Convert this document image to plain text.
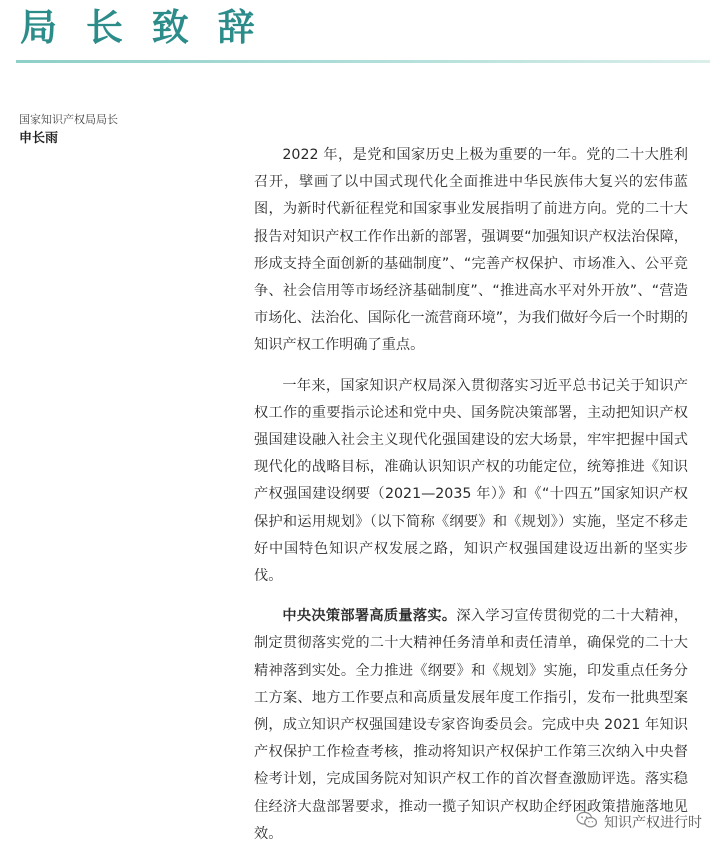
局 长 致 辞
国家知识产权局局长
申长雨

2022 年，是党和国家历史上极为重要的一年。党的二十大胜利召开，擘画了以中国式现代化全面推进中华民族伟大复兴的宏伟蓝图，为新时代新征程党和国家事业发展指明了前进方向。党的二十大报告对知识产权工作作出新的部署，强调要“加强知识产权法治保障，形成支持全面创新的基础制度”、“完善产权保护、市场准入、公平竞争、社会信用等市场经济基础制度”、“推进高水平对外开放”、“营造市场化、法治化、国际化一流营商环境”，为我们做好今后一个时期的知识产权工作明确了重点。

一年来，国家知识产权局深入贯彻落实习近平总书记关于知识产权工作的重要指示论述和党中央、国务院决策部署，主动把知识产权强国建设融入社会主义现代化强国建设的宏大场景，牢牢把握中国式现代化的战略目标，准确认识知识产权的功能定位，统筹推进《知识产权强国建设纲要（2021—2035 年）》和《“十四五”国家知识产权保护和运用规划》（以下简称《纲要》和《规划》）实施，坚定不移走好中国特色知识产权发展之路，知识产权强国建设迈出新的坚实步伐。

中央决策部署高质量落实。深入学习宣传贯彻党的二十大精神，制定贯彻落实党的二十大精神任务清单和责任清单，确保党的二十大精神落到实处。全力推进《纲要》和《规划》实施，印发重点任务分工方案、地方工作要点和高质量发展年度工作指引，发布一批典型案例，成立知识产权强国建设专家咨询委员会。完成中央 2021 年知识产权保护工作检查考核，推动将知识产权保护工作第三次纳入中央督检考计划，完成国务院对知识产权工作的首次督查激励评选。落实稳住经济大盘部署要求，推动一揽子知识产权助企纾困政策措施落地见效。

知识产权进行时
